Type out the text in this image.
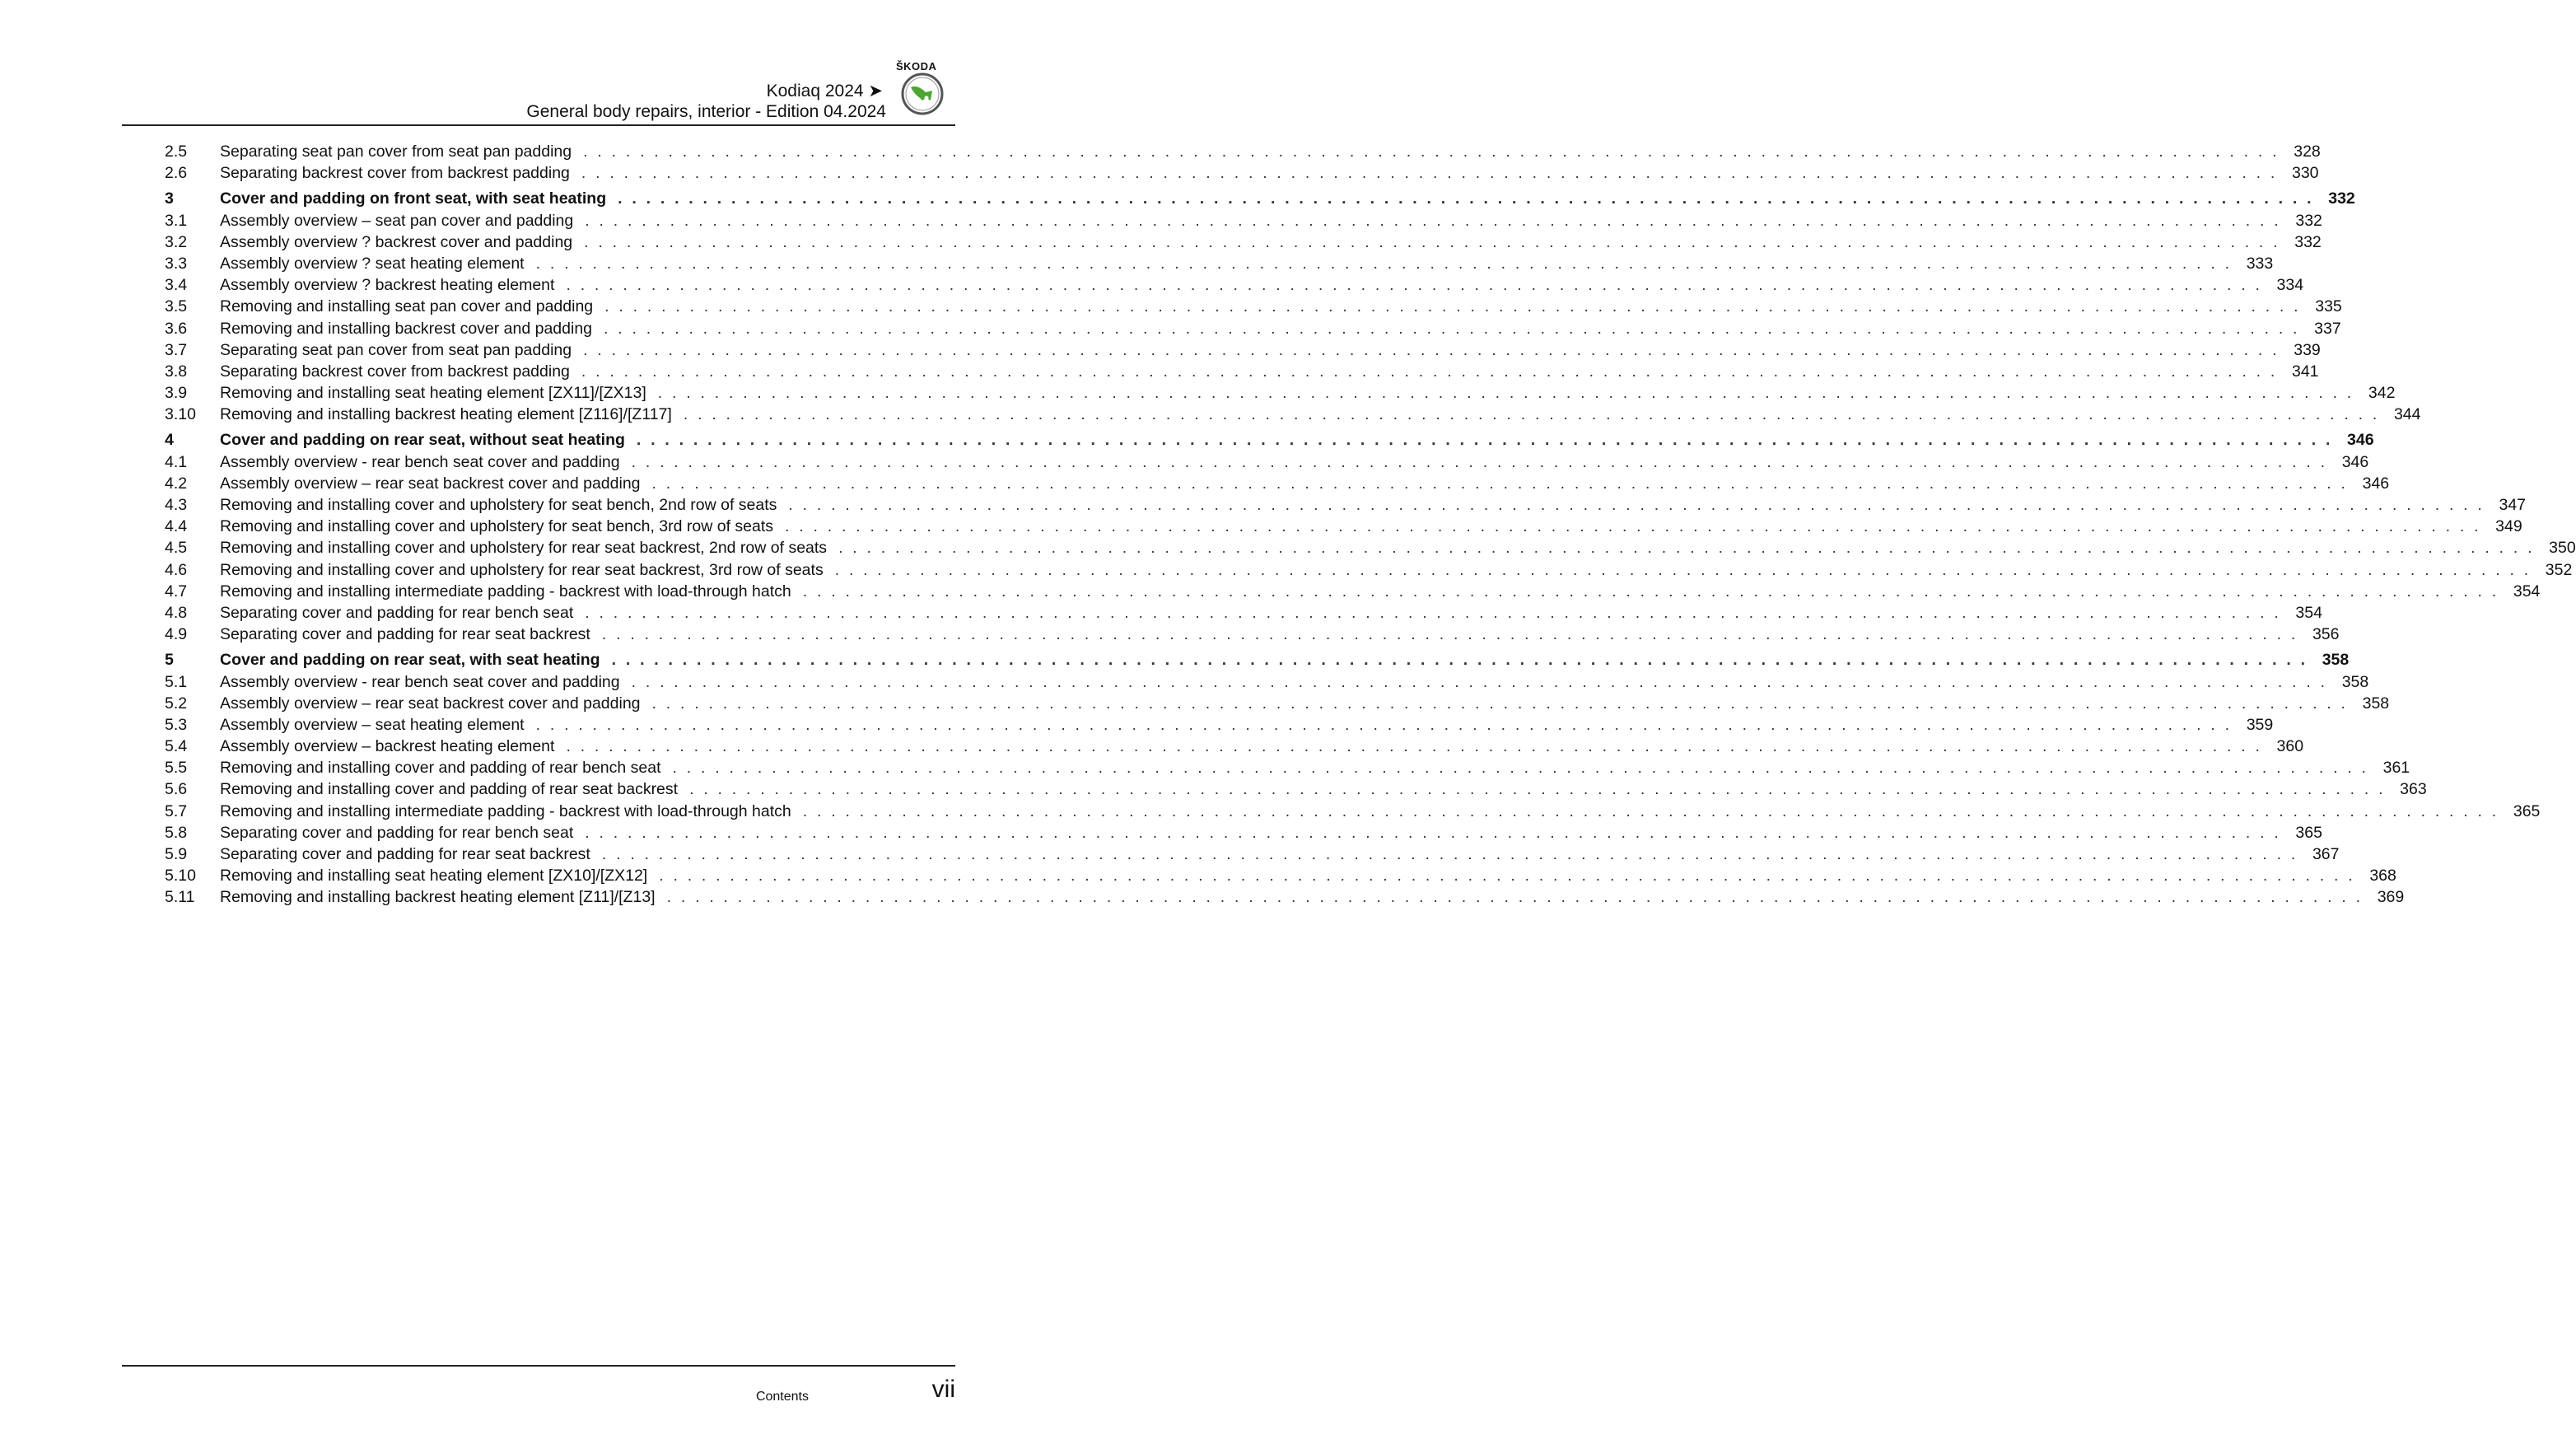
ŠKODA
Kodiaq 2024 ➤
General body repairs, interior - Edition 04.2024
2.5	Separating seat pan cover from seat pan padding . . . . . . . . . . . . . . . . . . . . . . . . . . . . . . . . . . . . . . . . . . . . . . . . . . . . . . . . . . . . . . . . . . . . . . . . . . . . . . . . . . . . . . . . . . . . . . . . . . . . . . . . . . . . . . . . . . . . . . . . 328
2.6	Separating backrest cover from backrest padding . . . . . . . . . . . . . . . . . . . . . . . . . . . . . . . . . . . . . . . . . . . . . . . . . . . . . . . . . . . . . . . . . . . . . . . . . . . . . . . . . . . . . . . . . . . . . . . . . . . . . . . . . . . . . . . . . . . . . . . . 330
3	Cover and padding on front seat, with seat heating . . . . . . . . . . . . . . . . . . . . . . . . . . . . . . . . . . . . . . . . . . . . . . . . . . . . . . . . . . . . . . . . . . . . . . . . . . . . . . . . . . . . . . . . . . . . . . . . . . . . . . . . . . . . . . . . . . . . . . . . 332
3.1	Assembly overview – seat pan cover and padding . . . . . . . . . . . . . . . . . . . . . . . . . . . . . . . . . . . . . . . . . . . . . . . . . . . . . . . . . . . . . . . . . . . . . . . . . . . . . . . . . . . . . . . . . . . . . . . . . . . . . . . . . . . . . . . . . . . . . . . . 332
3.2	Assembly overview ? backrest cover and padding . . . . . . . . . . . . . . . . . . . . . . . . . . . . . . . . . . . . . . . . . . . . . . . . . . . . . . . . . . . . . . . . . . . . . . . . . . . . . . . . . . . . . . . . . . . . . . . . . . . . . . . . . . . . . . . . . . . . . . . . 332
3.3	Assembly overview ? seat heating element . . . . . . . . . . . . . . . . . . . . . . . . . . . . . . . . . . . . . . . . . . . . . . . . . . . . . . . . . . . . . . . . . . . . . . . . . . . . . . . . . . . . . . . . . . . . . . . . . . . . . . . . . . . . . . . . . . . . . . . . 333
3.4	Assembly overview ? backrest heating element . . . . . . . . . . . . . . . . . . . . . . . . . . . . . . . . . . . . . . . . . . . . . . . . . . . . . . . . . . . . . . . . . . . . . . . . . . . . . . . . . . . . . . . . . . . . . . . . . . . . . . . . . . . . . . . . . . . . . . . . 334
3.5	Removing and installing seat pan cover and padding . . . . . . . . . . . . . . . . . . . . . . . . . . . . . . . . . . . . . . . . . . . . . . . . . . . . . . . . . . . . . . . . . . . . . . . . . . . . . . . . . . . . . . . . . . . . . . . . . . . . . . . . . . . . . . . . . . . . . . . . 335
3.6	Removing and installing backrest cover and padding . . . . . . . . . . . . . . . . . . . . . . . . . . . . . . . . . . . . . . . . . . . . . . . . . . . . . . . . . . . . . . . . . . . . . . . . . . . . . . . . . . . . . . . . . . . . . . . . . . . . . . . . . . . . . . . . . . . . . . . . 337
3.7	Separating seat pan cover from seat pan padding . . . . . . . . . . . . . . . . . . . . . . . . . . . . . . . . . . . . . . . . . . . . . . . . . . . . . . . . . . . . . . . . . . . . . . . . . . . . . . . . . . . . . . . . . . . . . . . . . . . . . . . . . . . . . . . . . . . . . . . . 339
3.8	Separating backrest cover from backrest padding . . . . . . . . . . . . . . . . . . . . . . . . . . . . . . . . . . . . . . . . . . . . . . . . . . . . . . . . . . . . . . . . . . . . . . . . . . . . . . . . . . . . . . . . . . . . . . . . . . . . . . . . . . . . . . . . . . . . . . . . 341
3.9	Removing and installing seat heating element [ZX11]/[ZX13] . . . . . . . . . . . . . . . . . . . . . . . . . . . . . . . . . . . . . . . . . . . . . . . . . . . . . . . . . . . . . . . . . . . . . . . . . . . . . . . . . . . . . . . . . . . . . . . . . . . . . . . . . . . . . . . . . . . . . . . . 342
3.10	Removing and installing backrest heating element [Z116]/[Z117] . . . . . . . . . . . . . . . . . . . . . . . . . . . . . . . . . . . . . . . . . . . . . . . . . . . . . . . . . . . . . . . . . . . . . . . . . . . . . . . . . . . . . . . . . . . . . . . . . . . . . . . . . . . . . . . . . . . . . . . . 344
4	Cover and padding on rear seat, without seat heating . . . . . . . . . . . . . . . . . . . . . . . . . . . . . . . . . . . . . . . . . . . . . . . . . . . . . . . . . . . . . . . . . . . . . . . . . . . . . . . . . . . . . . . . . . . . . . . . . . . . . . . . . . . . . . . . . . . . . . . . 346
4.1	Assembly overview - rear bench seat cover and padding . . . . . . . . . . . . . . . . . . . . . . . . . . . . . . . . . . . . . . . . . . . . . . . . . . . . . . . . . . . . . . . . . . . . . . . . . . . . . . . . . . . . . . . . . . . . . . . . . . . . . . . . . . . . . . . . . . . . . . . . 346
4.2	Assembly overview – rear seat backrest cover and padding . . . . . . . . . . . . . . . . . . . . . . . . . . . . . . . . . . . . . . . . . . . . . . . . . . . . . . . . . . . . . . . . . . . . . . . . . . . . . . . . . . . . . . . . . . . . . . . . . . . . . . . . . . . . . . . . . . . . . . . . 346
4.3	Removing and installing cover and upholstery for seat bench, 2nd row of seats . . . . . . . . . . . . . . . . . . . . . . . . . . . . . . . . . . . . . . . . . . . . . . . . . . . . . . . . . . . . . . . . . . . . . . . . . . . . . . . . . . . . . . . . . . . . . . . . . . . . . . . . . . . . . . . . . . . . . . . . 347
4.4	Removing and installing cover and upholstery for seat bench, 3rd row of seats . . . . . . . . . . . . . . . . . . . . . . . . . . . . . . . . . . . . . . . . . . . . . . . . . . . . . . . . . . . . . . . . . . . . . . . . . . . . . . . . . . . . . . . . . . . . . . . . . . . . . . . . . . . . . . . . . . . . . . . . 349
4.5	Removing and installing cover and upholstery for rear seat backrest, 2nd row of seats . . . . . . . . . . . . . . . . . . . . . . . . . . . . . . . . . . . . . . . . . . . . . . . . . . . . . . . . . . . . . . . . . . . . . . . . . . . . . . . . . . . . . . . . . . . . . . . . . . . . . . . . . . . . . . . . . . . . . . . . 350
4.6	Removing and installing cover and upholstery for rear seat backrest, 3rd row of seats . . . . . . . . . . . . . . . . . . . . . . . . . . . . . . . . . . . . . . . . . . . . . . . . . . . . . . . . . . . . . . . . . . . . . . . . . . . . . . . . . . . . . . . . . . . . . . . . . . . . . . . . . . . . . . . . . . . . . . . . 352
4.7	Removing and installing intermediate padding - backrest with load-through hatch . . . . . . . . . . . . . . . . . . . . . . . . . . . . . . . . . . . . . . . . . . . . . . . . . . . . . . . . . . . . . . . . . . . . . . . . . . . . . . . . . . . . . . . . . . . . . . . . . . . . . . . . . . . . . . . . . . . . . . . . 354
4.8	Separating cover and padding for rear bench seat . . . . . . . . . . . . . . . . . . . . . . . . . . . . . . . . . . . . . . . . . . . . . . . . . . . . . . . . . . . . . . . . . . . . . . . . . . . . . . . . . . . . . . . . . . . . . . . . . . . . . . . . . . . . . . . . . . . . . . . . 354
4.9	Separating cover and padding for rear seat backrest . . . . . . . . . . . . . . . . . . . . . . . . . . . . . . . . . . . . . . . . . . . . . . . . . . . . . . . . . . . . . . . . . . . . . . . . . . . . . . . . . . . . . . . . . . . . . . . . . . . . . . . . . . . . . . . . . . . . . . . . 356
5	Cover and padding on rear seat, with seat heating . . . . . . . . . . . . . . . . . . . . . . . . . . . . . . . . . . . . . . . . . . . . . . . . . . . . . . . . . . . . . . . . . . . . . . . . . . . . . . . . . . . . . . . . . . . . . . . . . . . . . . . . . . . . . . . . . . . . . . . . 358
5.1	Assembly overview - rear bench seat cover and padding . . . . . . . . . . . . . . . . . . . . . . . . . . . . . . . . . . . . . . . . . . . . . . . . . . . . . . . . . . . . . . . . . . . . . . . . . . . . . . . . . . . . . . . . . . . . . . . . . . . . . . . . . . . . . . . . . . . . . . . . 358
5.2	Assembly overview – rear seat backrest cover and padding . . . . . . . . . . . . . . . . . . . . . . . . . . . . . . . . . . . . . . . . . . . . . . . . . . . . . . . . . . . . . . . . . . . . . . . . . . . . . . . . . . . . . . . . . . . . . . . . . . . . . . . . . . . . . . . . . . . . . . . . 358
5.3	Assembly overview – seat heating element . . . . . . . . . . . . . . . . . . . . . . . . . . . . . . . . . . . . . . . . . . . . . . . . . . . . . . . . . . . . . . . . . . . . . . . . . . . . . . . . . . . . . . . . . . . . . . . . . . . . . . . . . . . . . . . . . . . . . . . . 359
5.4	Assembly overview – backrest heating element . . . . . . . . . . . . . . . . . . . . . . . . . . . . . . . . . . . . . . . . . . . . . . . . . . . . . . . . . . . . . . . . . . . . . . . . . . . . . . . . . . . . . . . . . . . . . . . . . . . . . . . . . . . . . . . . . . . . . . . . 360
5.5	Removing and installing cover and padding of rear bench seat . . . . . . . . . . . . . . . . . . . . . . . . . . . . . . . . . . . . . . . . . . . . . . . . . . . . . . . . . . . . . . . . . . . . . . . . . . . . . . . . . . . . . . . . . . . . . . . . . . . . . . . . . . . . . . . . . . . . . . . . 361
5.6	Removing and installing cover and padding of rear seat backrest . . . . . . . . . . . . . . . . . . . . . . . . . . . . . . . . . . . . . . . . . . . . . . . . . . . . . . . . . . . . . . . . . . . . . . . . . . . . . . . . . . . . . . . . . . . . . . . . . . . . . . . . . . . . . . . . . . . . . . . . 363
5.7	Removing and installing intermediate padding - backrest with load-through hatch . . . . . . . . . . . . . . . . . . . . . . . . . . . . . . . . . . . . . . . . . . . . . . . . . . . . . . . . . . . . . . . . . . . . . . . . . . . . . . . . . . . . . . . . . . . . . . . . . . . . . . . . . . . . . . . . . . . . . . . . 365
5.8	Separating cover and padding for rear bench seat . . . . . . . . . . . . . . . . . . . . . . . . . . . . . . . . . . . . . . . . . . . . . . . . . . . . . . . . . . . . . . . . . . . . . . . . . . . . . . . . . . . . . . . . . . . . . . . . . . . . . . . . . . . . . . . . . . . . . . . . 365
5.9	Separating cover and padding for rear seat backrest . . . . . . . . . . . . . . . . . . . . . . . . . . . . . . . . . . . . . . . . . . . . . . . . . . . . . . . . . . . . . . . . . . . . . . . . . . . . . . . . . . . . . . . . . . . . . . . . . . . . . . . . . . . . . . . . . . . . . . . . 367
5.10	Removing and installing seat heating element [ZX10]/[ZX12] . . . . . . . . . . . . . . . . . . . . . . . . . . . . . . . . . . . . . . . . . . . . . . . . . . . . . . . . . . . . . . . . . . . . . . . . . . . . . . . . . . . . . . . . . . . . . . . . . . . . . . . . . . . . . . . . . . . . . . . . 368
5.11	Removing and installing backrest heating element [Z11]/[Z13] . . . . . . . . . . . . . . . . . . . . . . . . . . . . . . . . . . . . . . . . . . . . . . . . . . . . . . . . . . . . . . . . . . . . . . . . . . . . . . . . . . . . . . . . . . . . . . . . . . . . . . . . . . . . . . . . . . . . . . . . 369
Contents	vii
